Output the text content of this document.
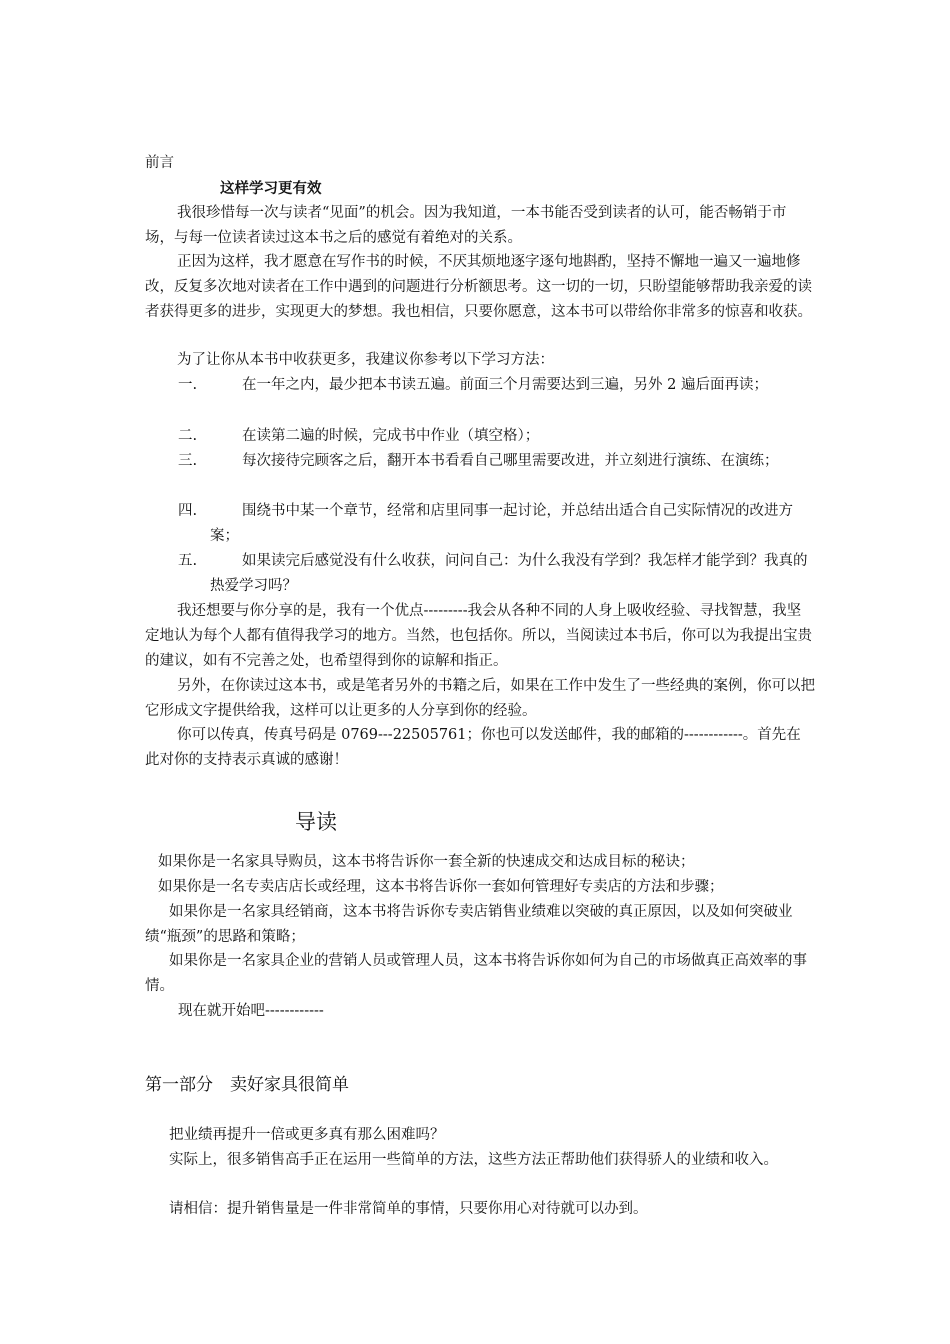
前言
这样学习更有效
我很珍惜每一次与读者“见面”的机会。因为我知道，一本书能否受到读者的认可，能否畅销于市场，与每一位读者读过这本书之后的感觉有着绝对的关系。
正因为这样，我才愿意在写作书的时候，不厌其烦地逐字逐句地斟酌，坚持不懈地一遍又一遍地修改，反复多次地对读者在工作中遇到的问题进行分析额思考。这一切的一切，只盼望能够帮助我亲爱的读者获得更多的进步，实现更大的梦想。我也相信，只要你愿意，这本书可以带给你非常多的惊喜和收获。
为了让你从本书中收获更多，我建议你参考以下学习方法：
一.	在一年之内，最少把本书读五遍。前面三个月需要达到三遍，另外 2 遍后面再读；
二.	在读第二遍的时候，完成书中作业（填空格）；
三.	每次接待完顾客之后，翻开本书看看自己哪里需要改进，并立刻进行演练、在演练；
四.	围绕书中某一个章节，经常和店里同事一起讨论，并总结出适合自己实际情况的改进方案；
五.	如果读完后感觉没有什么收获，问问自己：为什么我没有学到？我怎样才能学到？我真的热爱学习吗？
我还想要与你分享的是，我有一个优点---------我会从各种不同的人身上吸收经验、寻找智慧，我坚定地认为每个人都有值得我学习的地方。当然，也包括你。所以，当阅读过本书后，你可以为我提出宝贵的建议，如有不完善之处，也希望得到你的谅解和指正。
另外，在你读过这本书，或是笔者另外的书籍之后，如果在工作中发生了一些经典的案例，你可以把它形成文字提供给我，这样可以让更多的人分享到你的经验。
你可以传真，传真号码是 0769---22505761；你也可以发送邮件，我的邮箱的------------。首先在此对你的支持表示真诚的感谢！
导读
如果你是一名家具导购员，这本书将告诉你一套全新的快速成交和达成目标的秘诀；
如果你是一名专卖店店长或经理，这本书将告诉你一套如何管理好专卖店的方法和步骤；
如果你是一名家具经销商，这本书将告诉你专卖店销售业绩难以突破的真正原因，以及如何突破业绩“瓶颈”的思路和策略；
如果你是一名家具企业的营销人员或管理人员，这本书将告诉你如何为自己的市场做真正高效率的事情。
现在就开始吧------------
第一部分　卖好家具很简单
把业绩再提升一倍或更多真有那么困难吗？
实际上，很多销售高手正在运用一些简单的方法，这些方法正帮助他们获得骄人的业绩和收入。
请相信：提升销售量是一件非常简单的事情，只要你用心对待就可以办到。
